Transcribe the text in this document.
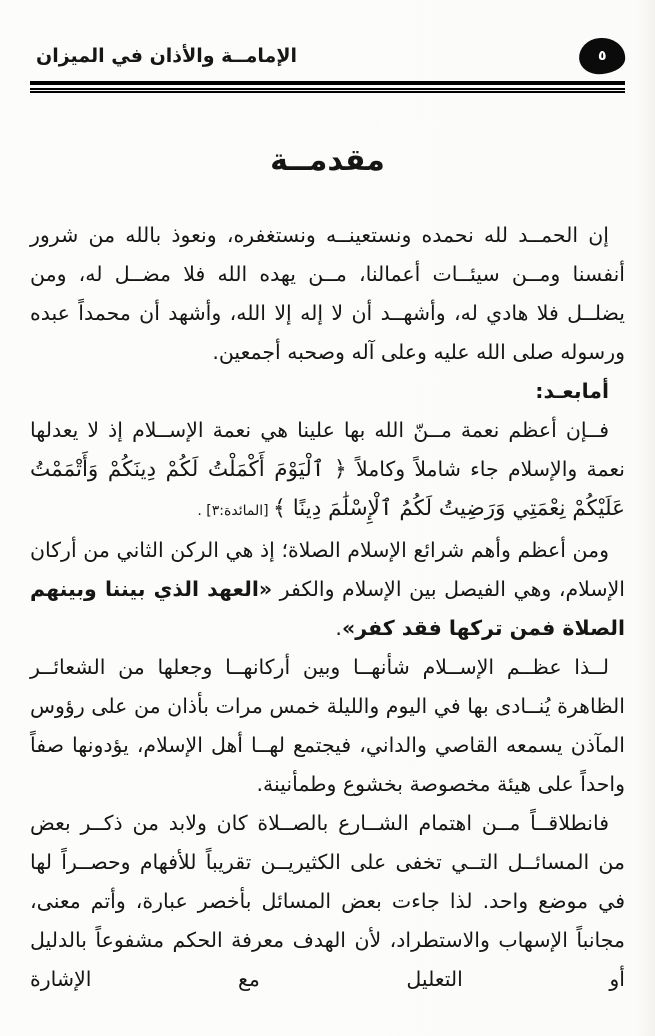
الإمامــة والأذان في الميزان	٥
مقدمــة

إن الحمــد لله نحمده ونستعينــه ونستغفره، ونعوذ بالله من شرور أنفسنا ومــن سيئــات أعمالنا، مــن يهده الله فلا مضــل له، ومن يضلــل فلا هادي له، وأشهــد أن لا إله إلا الله، وأشهد أن محمداً عبده ورسوله صلى الله عليه وعلى آله وصحبه أجمعين.

أمابعـد:

فــإن أعظم نعمة مــنّ الله بها علينا هي نعمة الإســلام إذ لا يعدلها نعمة والإسلام جاء شاملاً وكاملاً ﴿ ٱلْيَوْمَ أَكْمَلْتُ لَكُمْ دِينَكُمْ وَأَتْمَمْتُ عَلَيْكُمْ نِعْمَتِي وَرَضِيتُ لَكُمُ ٱلْإِسْلَٰمَ دِينًا ﴾ [المائدة:٣] .

ومن أعظم وأهم شرائع الإسلام الصلاة؛ إذ هي الركن الثاني من أركان الإسلام، وهي الفيصل بين الإسلام والكفر «العهد الذي بيننا وبينهم الصلاة فمن تركها فقد كفر».

لــذا عظــم الإســلام شأنهــا وبين أركانهــا وجعلها من الشعائــر الظاهرة يُنــادى بها في اليوم والليلة خمس مرات بأذان من على رؤوس المآذن يسمعه القاصي والداني، فيجتمع لهــا أهل الإسلام، يؤدونها صفاً واحداً على هيئة مخصوصة بخشوع وطمأنينة.

فانطلاقــاً مــن اهتمام الشــارع بالصــلاة كان ولابد من ذكــر بعض من المسائــل التــي تخفى على الكثيريــن تقريباً للأفهام وحصــراً لها في موضع واحد. لذا جاءت بعض المسائل بأخصر عبارة، وأتم معنى، مجانباً الإسهاب والاستطراد، لأن الهدف معرفة الحكم مشفوعاً بالدليل أو التعليل مع الإشارة
